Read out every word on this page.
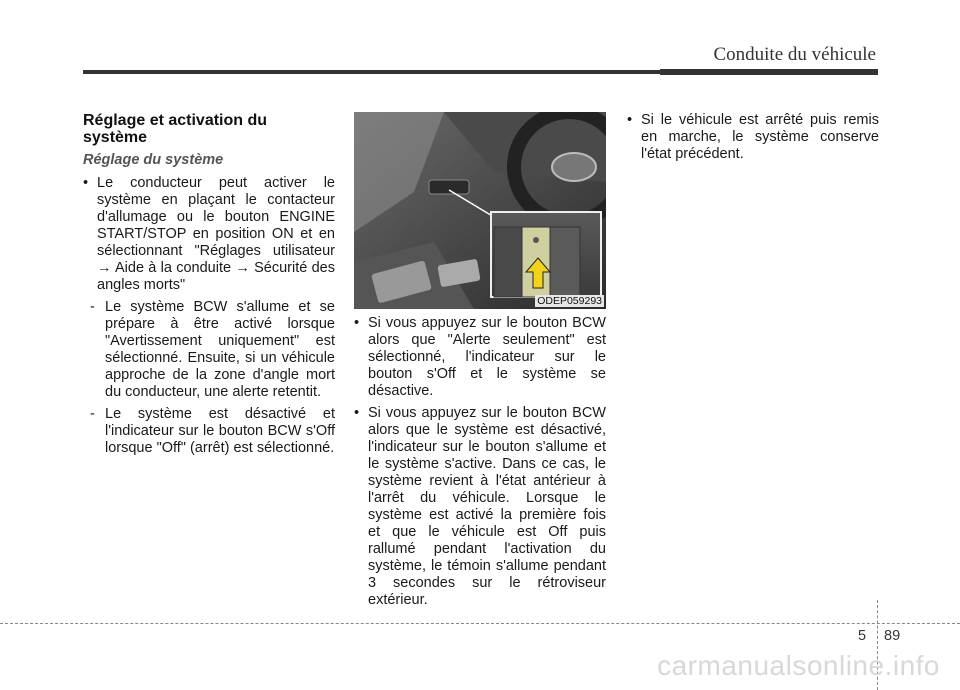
Conduite du véhicule
Réglage et activation du système
Réglage du système
• Le conducteur peut activer le système en plaçant le contacteur d'allumage ou le bouton ENGINE START/STOP en position ON et en sélectionnant "Réglages utilisateur → Aide à la conduite → Sécurité des angles morts"
- Le système BCW s'allume et se prépare à être activé lorsque "Avertissement uniquement" est sélectionné. Ensuite, si un véhicule approche de la zone d'angle mort du conducteur, une alerte retentit.
- Le système est désactivé et l'indicateur sur le bouton BCW s'Off lorsque "Off" (arrêt) est sélectionné.
ODEP059293
• Si vous appuyez sur le bouton BCW alors que "Alerte seulement" est sélectionné, l'indicateur sur le bouton s'Off et le système se désactive.
• Si vous appuyez sur le bouton BCW alors que le système est désactivé, l'indicateur sur le bouton s'allume et le système s'active. Dans ce cas, le système revient à l'état antérieur à l'arrêt du véhicule. Lorsque le système est activé la première fois et que le véhicule est Off puis rallumé pendant l'activation du système, le témoin s'allume pendant 3 secondes sur le rétroviseur extérieur.
• Si le véhicule est arrêté puis remis en marche, le système conserve l'état précédent.
5 89
carmanualsonline.info
